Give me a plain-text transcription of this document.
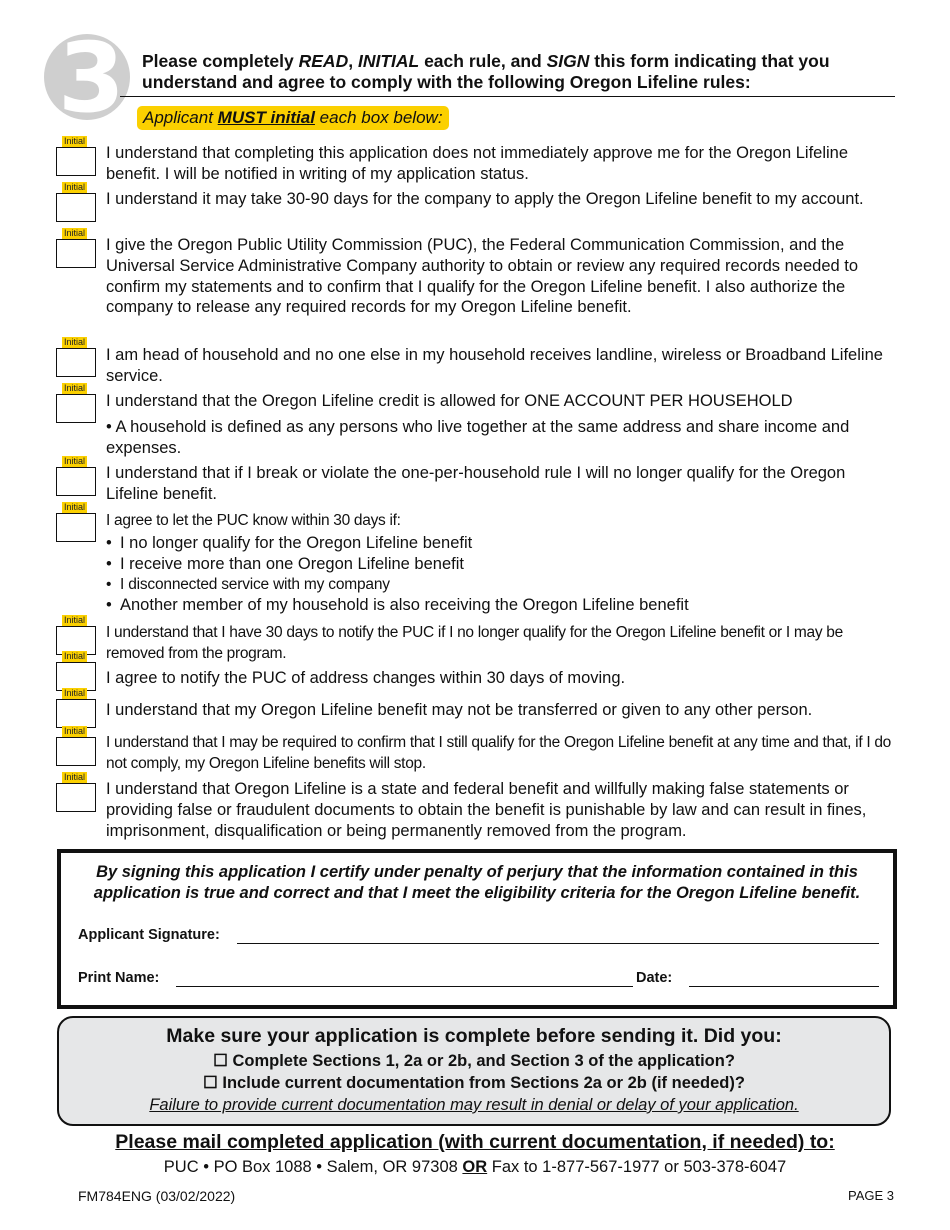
3 Please completely READ, INITIAL each rule, and SIGN this form indicating that you understand and agree to comply with the following Oregon Lifeline rules:
Applicant MUST initial each box below:
Initial
Initial
Initial
Initial
Initial
Initial
Initial
Initial
Initial
Initial
Initial
Initial
I understand that completing this application does not immediately approve me for the Oregon Lifeline benefit. I will be notified in writing of my application status.
I understand it may take 30-90 days for the company to apply the Oregon Lifeline benefit to my account.
I give the Oregon Public Utility Commission (PUC), the Federal Communication Commission, and the Universal Service Administrative Company authority to obtain or review any required records needed to confirm my statements and to confirm that I qualify for the Oregon Lifeline benefit. I also authorize the company to release any required records for my Oregon Lifeline benefit.
I am head of household and no one else in my household receives landline, wireless or Broadband Lifeline service.
I understand that the Oregon Lifeline credit is allowed for ONE ACCOUNT PER HOUSEHOLD
• A household is defined as any persons who live together at the same address and share income and expenses.
I understand that if I break or violate the one-per-household rule I will no longer qualify for the Oregon Lifeline benefit.
I agree to let the PUC know within 30 days if:
• I no longer qualify for the Oregon Lifeline benefit
• I receive more than one Oregon Lifeline benefit
• I disconnected service with my company
• Another member of my household is also receiving the Oregon Lifeline benefit
I understand that I have 30 days to notify the PUC if I no longer qualify for the Oregon Lifeline benefit or I may be removed from the program.
I agree to notify the PUC of address changes within 30 days of moving.
I understand that my Oregon Lifeline benefit may not be transferred or given to any other person.
I understand that I may be required to confirm that I still qualify for the Oregon Lifeline benefit at any time and that, if I do not comply, my Oregon Lifeline benefits will stop.
I understand that Oregon Lifeline is a state and federal benefit and willfully making false statements or providing false or fraudulent documents to obtain the benefit is punishable by law and can result in fines, imprisonment, disqualification or being permanently removed from the program.
By signing this application I certify under penalty of perjury that the information contained in this application is true and correct and that I meet the eligibility criteria for the Oregon Lifeline benefit.
Applicant Signature:
Print Name:	Date:
Make sure your application is complete before sending it. Did you:
☐ Complete Sections 1, 2a or 2b, and Section 3 of the application?
☐ Include current documentation from Sections 2a or 2b (if needed)?
Failure to provide current documentation may result in denial or delay of your application.
Please mail completed application (with current documentation, if needed) to:
PUC • PO Box 1088 • Salem, OR 97308 OR Fax to 1-877-567-1977 or 503-378-6047
FM784ENG (03/02/2022)	PAGE 3
